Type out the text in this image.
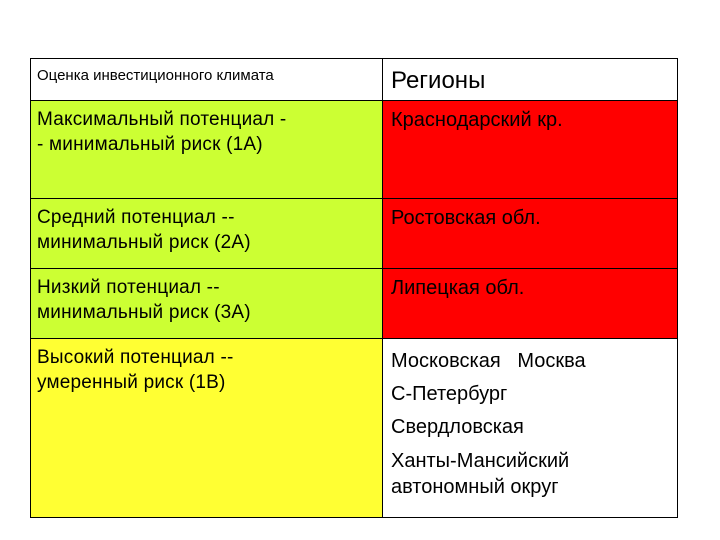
Оценка инвестиционного климата	Регионы
Максимальный потенциал -
- минимальный риск (1А)
Краснодарский кр.
Средний потенциал --
минимальный риск (2А)
Ростовская обл.
Низкий потенциал --
минимальный риск (3А)
Липецкая обл.
Высокий потенциал --
умеренный риск (1В)
Московская   Москва
С-Петербург
Свердловская
Ханты-Мансийский
автономный округ
